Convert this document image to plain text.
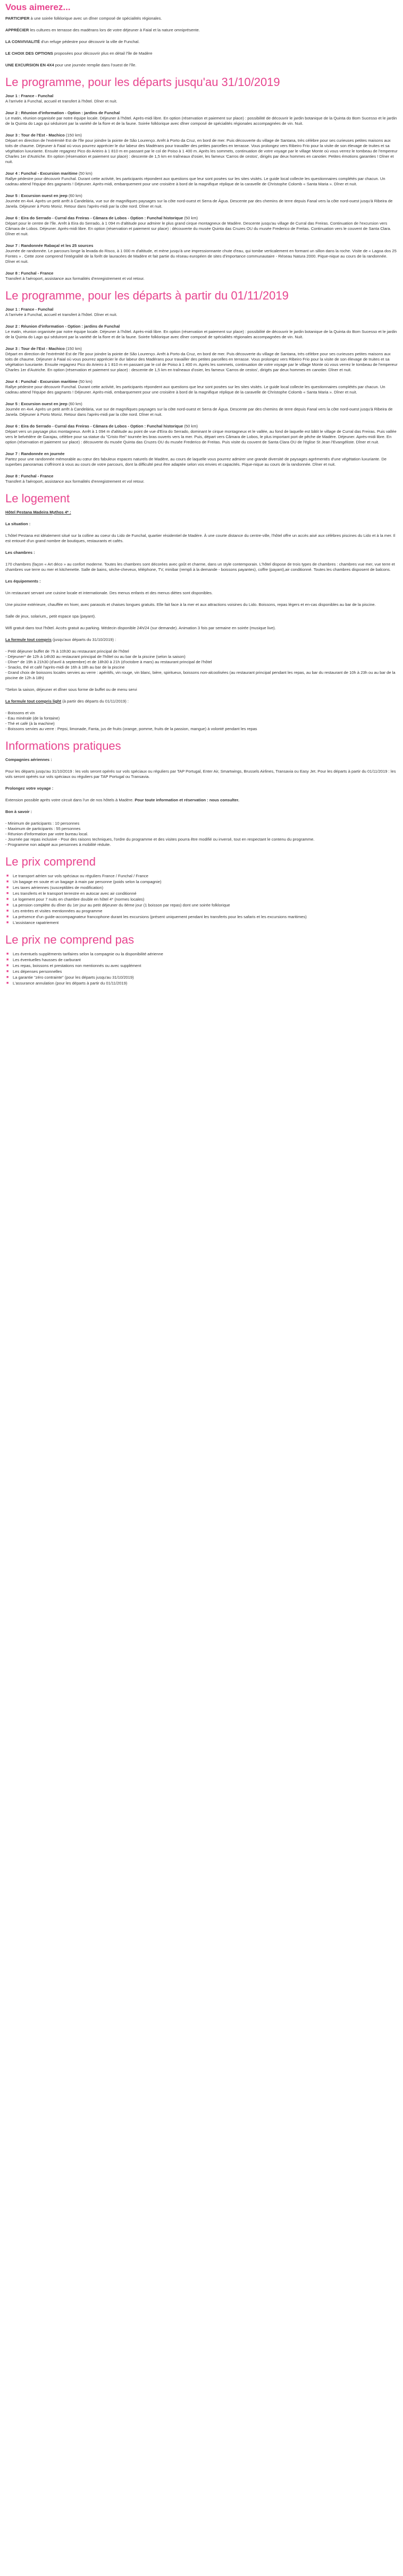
Vous aimerez...
PARTICIPER à une soirée folklorique avec un dîner composé de spécialités régionales.
APPRÉCIER les cultures en terrasse des madérans lors de votre déjeuner à Faial et la nature omniprésente.
LA CONVIVIALITÉ d'un refuge pédestre pour découvrir la ville de Funchal.
LE CHOIX DES OPTIONS proposées pour découvrir plus en détail l'île de Madère
UNE EXCURSION EN 4X4 pour une journée remplie dans l'ouest de l'île.
Le programme, pour les départs jusqu'au 31/10/2019
Jour 1 : France - Funchal
A l'arrivée à Funchal, accueil et transfert à l'hôtel. Dîner et nuit.
Jour 2 : Réunion d'information - Option : jardins de Funchal
Le matin, réunion organisée par notre équipe locale. Déjeuner à l'hôtel. Après-midi libre. En option (réservation et paiement sur place) : possibilité de découvrir le jardin botanique de la Quinta do Bom Sucesso et le jardin de la Quinta do Lago qui séduiront par la variété de la flore et de la faune. Soirée folklorique avec dîner composé de spécialités régionales accompagnées de vin. Nuit.
Jour 3 : Tour de l'Est - Machico (150 km)
Départ en direction de l'extrémité Est de l'île pour joindre la pointe de São Lourenço. Arrêt à Porto da Cruz, en bord de mer. Puis découverte du village de Santana, très célèbre pour ses curieuses petites maisons aux toits de chaume. Déjeuner à Faial où vous pourrez apprécier le dur labeur des Madérans pour travailler des petites parcelles en terrasse. Vous prolongez vers Ribeiro Frio pour la visite de son élevage de truites et sa végétation luxuriante. Ensuite regagnez Pico do Arieiro à 1 810 m en passant par le col de Poiso à 1 400 m. Après les sommets, continuation de votre voyage par le village Monte où vous verrez le tombeau de l'empereur Charles 1er d'Autriche. En option (réservation et paiement sur place) : descente de 1,5 km en traîneaux d'osier, les fameux 'Carros de cestos', dirigés par deux hommes en canotier. Petites émotions garanties ! Dîner et nuit.
Jour 4 : Funchal - Excursion maritime (50 km)
Rallye pédestre pour découvrir Funchal. Durant cette activité, les participants répondent aux questions que leur sont posées sur les sites visités. Le guide local collecte les questionnaires complétés par chacun. Un cadeau attend l'équipe des gagnants ! Déjeuner. Après-midi, embarquement pour une croisière à bord de la magnifique réplique de la caravelle de Christophe Colomb « Santa Maria ». Dîner et nuit.
Jour 5 : Excursion ouest en jeep (60 km)
Journée en 4x4. Après un petit arrêt à Candelária, vue sur de magnifiques paysages sur la côte nord-ouest et Serra de Água. Descente par des chemins de terre depuis Fanal vers la côte nord-ouest jusqu'à Ribeira de Janela. Déjeuner à Porto Moniz. Retour dans l'après-midi par la côte nord. Dîner et nuit.
Jour 6 : Eira do Serrado - Curral das Freiras - Câmara de Lobos - Option : Funchal historique (50 km)
Départ pour le centre de l'île. Arrêt à Eira do Serrado, à 1 094 m d'altitude pour admirer le plus grand cirque montagneux de Madère. Descente jusqu'au village de Curral das Freiras. Continuation de l'excursion vers Câmara de Lobos. Déjeuner. Après-midi libre. En option (réservation et paiement sur place) : découverte du musée Quinta das Cruzes OU du musée Frederico de Freitas. Continuation vers le couvent de Santa Clara. Dîner et nuit.
Jour 7 : Randonnée Rabaçal et les 25 sources
Journée de randonnée. Le parcours longe la levada do Risco, à 1 000 m d'altitude, et mène jusqu'à une impressionnante chute d'eau, qui tombe verticalement en formant un sillon dans la roche. Visite de « Lagoa dos 25 Fontes » . Cette zone comprend l'intégralité de la forêt de lauracées de Madère et fait partie du réseau européen de sites d'importance communautaire - Réseau Natura 2000. Pique-nique au cours de la randonnée. Dîner et nuit.
Jour 8 : Funchal - France
Transfert à l'aéroport, assistance aux formalités d'enregistrement et vol retour.
Le programme, pour les départs à partir du 01/11/2019
Jour 1 : France - Funchal
A l'arrivée à Funchal, accueil et transfert à l'hôtel. Dîner et nuit.
Jour 2 : Réunion d'information - Option : jardins de Funchal
Le matin, réunion organisée par notre équipe locale. Déjeuner à l'hôtel. Après-midi libre. En option (réservation et paiement sur place) : possibilité de découvrir le jardin botanique de la Quinta do Bom Sucesso et le jardin de la Quinta do Lago qui séduiront par la variété de la flore et de la faune. Soirée folklorique avec dîner composé de spécialités régionales accompagnées de vin. Nuit.
Jour 3 : Tour de l'Est - Machico (150 km)
Départ en direction de l'extrémité Est de l'île pour joindre la pointe de São Lourenço. Arrêt à Porto da Cruz, en bord de mer. Puis découverte du village de Santana, très célèbre pour ses curieuses petites maisons aux toits de chaume. Déjeuner à Faial où vous pourrez apprécier le dur labeur des Madérans pour travailler des petites parcelles en terrasse. Vous prolongez vers Ribeiro Frio pour la visite de son élevage de truites et sa végétation luxuriante. Ensuite regagnez Pico do Arieiro à 1 810 m en passant par le col de Poiso à 1 400 m. Après les sommets, continuation de votre voyage par le village Monte où vous verrez le tombeau de l'empereur Charles 1er d'Autriche. En option (réservation et paiement sur place) : descente de 1,5 km en traîneaux d'osier, les fameux 'Carros de cestos', dirigés par deux hommes en canotier. Dîner et nuit.
Jour 4 : Funchal - Excursion maritime (50 km)
Rallye pédestre pour découvrir Funchal. Durant cette activité, les participants répondent aux questions que leur sont posées sur les sites visités. Le guide local collecte les questionnaires complétés par chacun. Un cadeau attend l'équipe des gagnants ! Déjeuner. Après-midi, embarquement pour une croisière à bord de la magnifique réplique de la caravelle de Christophe Colomb « Santa Maria ». Dîner et nuit.
Jour 5 : Excursion ouest en jeep (60 km)
Journée en 4x4. Après un petit arrêt à Candelária, vue sur de magnifiques paysages sur la côte nord-ouest et Serra de Água. Descente par des chemins de terre depuis Fanal vers la côte nord-ouest jusqu'à Ribeira de Janela. Déjeuner à Porto Moniz. Retour dans l'après-midi par la côte nord. Dîner et nuit.
Jour 6 : Eira do Serrado - Curral das Freiras - Câmara de Lobos - Option : Funchal historique (50 km)
Départ vers un paysage plus montagneux. Arrêt à 1 094 m d'altitude au point de vue d'Eira do Serrado, dominant le cirque montagneux et le vallée, au fond de laquelle est bâtit le village de Curral das Freiras. Puis vallée vers le belvédère de Garajau, célèbre pour sa statue du "Cristo Rei" tournée les bras ouverts vers la mer. Puis, départ vers Câmara de Lobos, le plus important port de pêche de Madère. Déjeuner. Après-midi libre. En option (réservation et paiement sur place) : découverte du musée Quinta das Cruzes OU du musée Frederico de Freitas. Puis visite du couvent de Santa Clara OU de l'église St Jean l'Evangéliste. Dîner et nuit.
Jour 7 : Randonnée en journée
Partez pour une randonnée mémorable au cœur des fabuleux espaces naturels de Madère, au cours de laquelle vous pourrez admirer une grande diversité de paysages agrémentés d'une végétation luxuriante. De superbes panoramas s'offriront à vous au cours de votre parcours, dont la difficulté peut être adaptée selon vos envies et capacités. Pique-nique au cours de la randonnée. Dîner et nuit.
Jour 8 : Funchal - France
Transfert à l'aéroport, assistance aux formalités d'enregistrement et vol retour.
Le logement
Hôtel Pestana Madeira Mythos 4* :
La situation :
L'hôtel Pestana est idéalement situé sur la colline au coeur du Lido de Funchal, quartier résidentiel de Madère. À une courte distance du centre-ville, l'hôtel offre un accès aisé aux célèbres piscines du Lido et à la mer. Il est entouré d'un grand nombre de boutiques, restaurants et cafés.
Les chambres :
170 chambres (façon « Art déco » au confort moderne. Toutes les chambres sont décorées avec goût et charme, dans un style contemporain. L'hôtel dispose de trois types de chambres : chambres vue mer, vue terre et chambres vue terre ou mer et kitchenette. Salle de bains, sèche-cheveux, téléphone, TV, minibar (rempli à la demande - boissons payantes), coffre (payant),air conditionné. Toutes les chambres disposent de balcons.
Les équipements :
Un restaurant servant une cuisine locale et internationale. Des menus enfants et des menus diètes sont disponibles.
Une piscine extérieure, chauffée en hiver, avec parasols et chaises longues gratuits. Elle fait face à la mer et aux attractions voisines du Lido. Boissons, repas légers et en-cas disponibles au bar de la piscine.
Salle de jeux, solarium,, petit espace spa (payant).
Wifi gratuit dans tout l'hôtel. Accès gratuit au parking. Médecin disponible 24h/24 (sur demande). Animation 3 fois par semaine en soirée (musique live).
La formule tout compris (jusqu'aux départs du 31/10/2019) :
- Petit déjeuner buffet de 7h à 10h30 au restaurant principal de l'hôtel
- Déjeuner* de 12h à 14h30 au restaurant principal de l'hôtel ou au bar de la piscine (selon la saison)
- Dîner* de 19h à 21h30 (d'avril à septembre) et de 18h30 à 21h (d'octobre à mars) au restaurant principal de l'hôtel
- Snacks, thé et café l'après-midi de 16h à 18h au bar de la piscine
- Grand choix de boissons locales servies au verre : apéritifs, vin rouge, vin blanc, bière, spiritueux, boissons non-alcoolisées (au restaurant principal pendant les repas, au bar du restaurant de 10h à 23h ou au bar de la piscine de 12h à 18h)
*Selon la saison, déjeuner et dîner sous forme de buffet ou de menu servi
La formule tout compris light (à partir des départs du 01/11/2019) :
- Boissons et vin
- Eau minérale (de la fontaine)
- Thé et café (à la machine)
- Boissons servies au verre : Pepsi, limonade, Fanta, jus de fruits (orange, pomme, fruits de la passion, mangue) à volonté pendant les repas
Informations pratiques
Compagnies aériennes :
Pour les départs jusqu'au 31/10/2019 : les vols seront opérés sur vols spéciaux ou réguliers par TAP Portugal, Enter Air, Smartwings, Brussels Airlines, Transavia ou Easy Jet. Pour les départs à partir du 01/11/2019 : les vols seront opérés sur vols spéciaux ou réguliers par TAP Portugal ou Transavia.
Prolongez votre voyage :
Extension possible après votre circuit dans l'un de nos hôtels à Madère. Pour toute information et réservation : nous consulter.
Bon à savoir :
- Minimum de participants : 10 personnes
- Maximum de participants : 55 personnes
- Réunion d'information par votre bureau local.
- Journée par repas inclusive - Pour des raisons techniques, l'ordre du programme et des visites pourra être modifié ou inversé, tout en respectant le contenu du programme.
- Programme non adapté aux personnes à mobilité réduite.
Le prix comprend
■ Le transport aérien sur vols spéciaux ou réguliers France / Funchal / France
■ Un bagage en soute et un bagage à main par personne (poids selon la compagnie)
■ Les taxes aériennes (susceptibles de modification)
■ Les transferts et le transport terrestre en autocar avec air conditionné
■ Le logement pour 7 nuits en chambre double en hôtel 4* (normes locales)
■ La pension complète du dîner du 1er jour au petit déjeuner du 8ème jour (1 boisson par repas) dont une soirée folklorique
■ Les entrées et visites mentionnées au programme
■ La présence d'un guide-accompagnateur francophone durant les excursions (présent uniquement pendant les transferts pour les safaris et les excursions maritimes)
■ L'assistance rapatriement
Le prix ne comprend pas
■ Les éventuels suppléments tarifaires selon la compagnie ou la disponibilité aérienne
■ Les éventuelles hausses de carburant
■ Les repas, boissons et prestations non mentionnés ou avec supplément
■ Les dépenses personnelles
■ La garantie "zéro contrainte" (pour les départs jusqu'au 31/10/2019)
■ L'assurance annulation (pour les départs à partir du 01/11/2019)
